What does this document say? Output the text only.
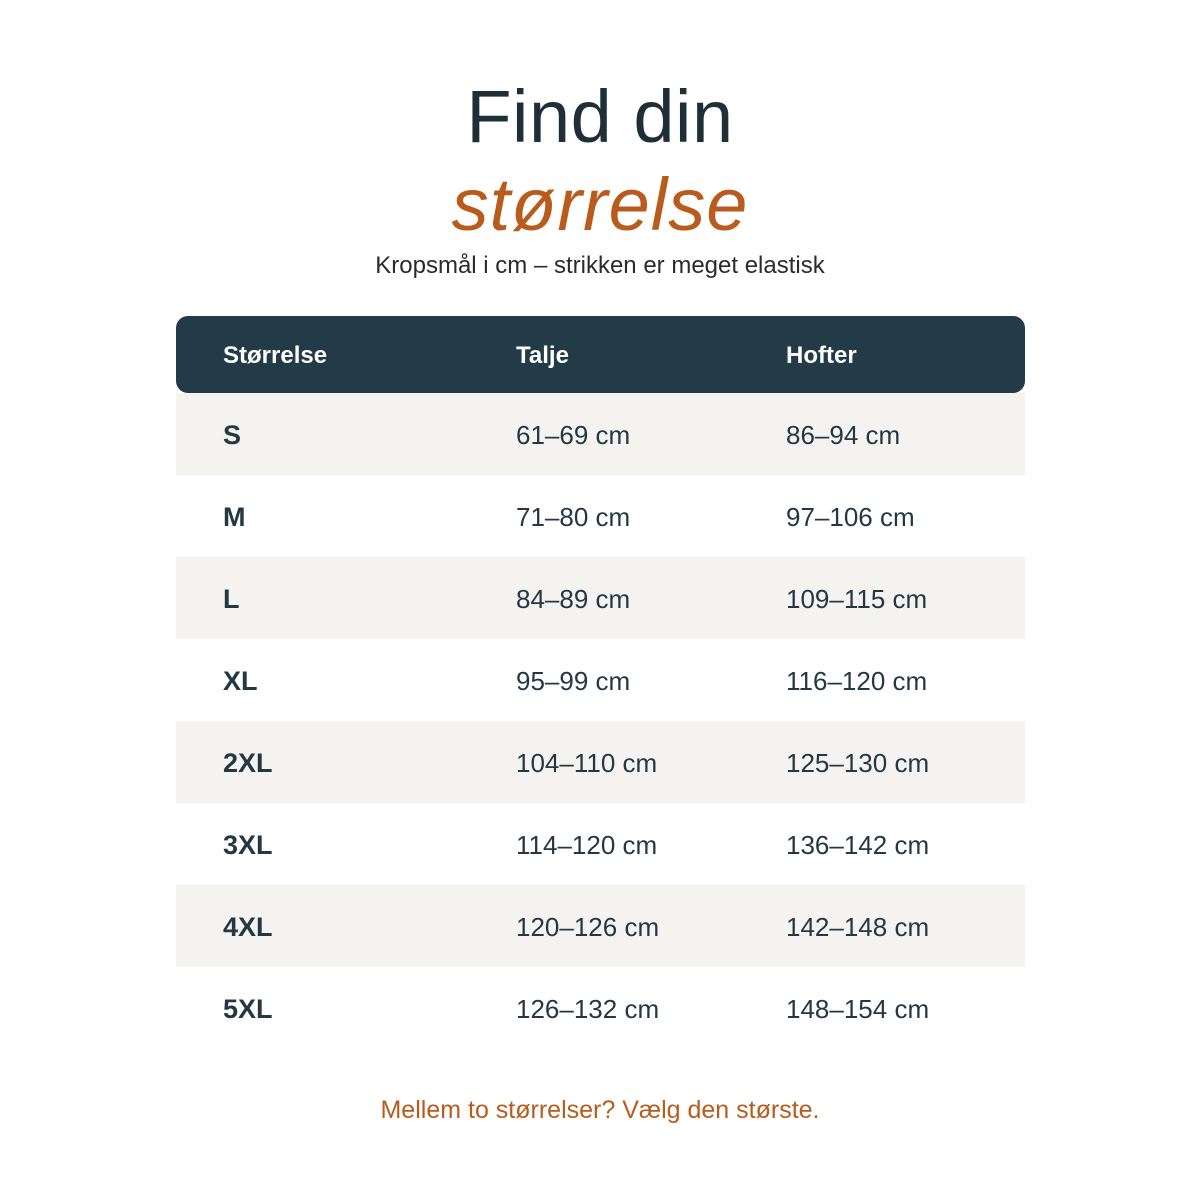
Find din
størrelse
Kropsmål i cm – strikken er meget elastisk
Størrelse	Talje	Hofter
S	61–69 cm	86–94 cm
M	71–80 cm	97–106 cm
L	84–89 cm	109–115 cm
XL	95–99 cm	116–120 cm
2XL	104–110 cm	125–130 cm
3XL	114–120 cm	136–142 cm
4XL	120–126 cm	142–148 cm
5XL	126–132 cm	148–154 cm
Mellem to størrelser? Vælg den største.
